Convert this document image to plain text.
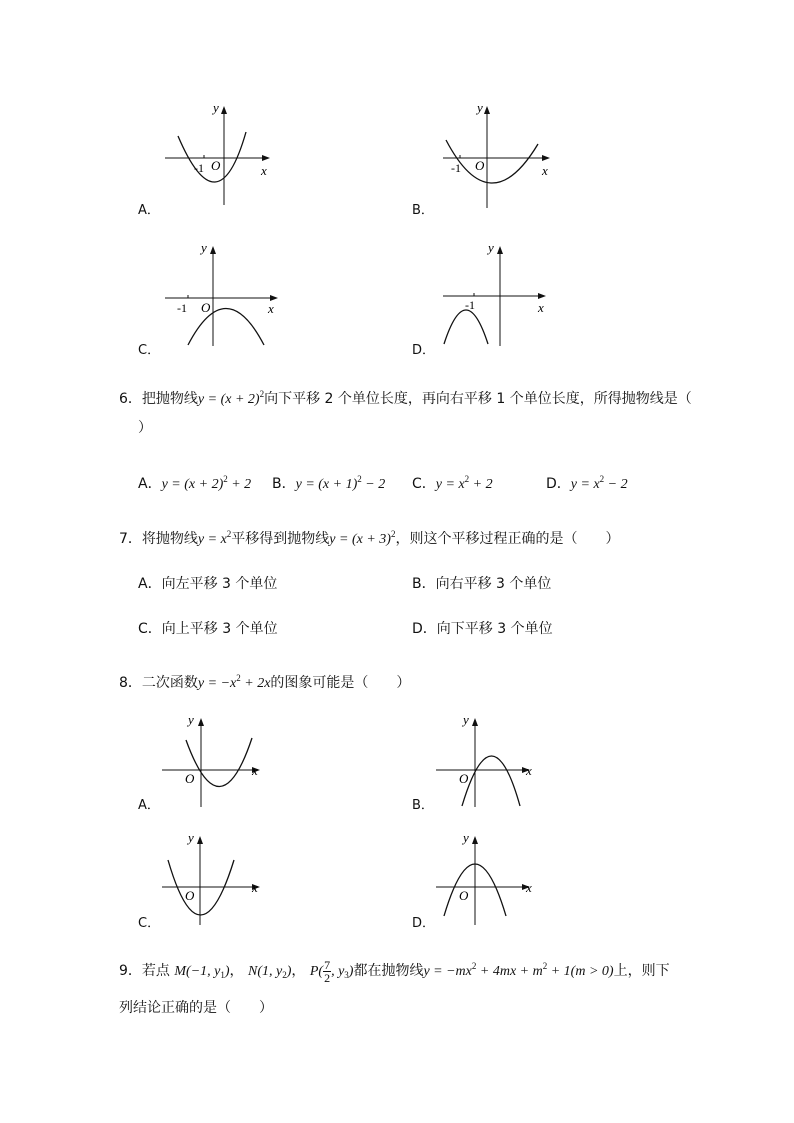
y
x
-1 O
A．
y
x
-1 O
B．
y
x
-1 O
C．
y
x
-1
D．
6．把抛物线$y = (x + 2)^2$向下平移 2 个单位长度，再向右平移 1 个单位长度，所得抛物线是（
）
A．$y = (x + 2)^2 + 2$ B．$y = (x + 1)^2 - 2$ C．$y = x^2 + 2$	D．$y = x^2 - 2$
7．将抛物线$y = x^2$平移得到抛物线$y = (x + 3)^2$，则这个平移过程正确的是（　　）
A．向左平移 3 个单位	B．向右平移 3 个单位
C．向上平移 3 个单位	D．向下平移 3 个单位
8．二次函数$y = -x^2 + 2x$的图象可能是（　　）
y
x
O
A．
y
x
O
B．
y
x
O
C．
y
x
O
D．
9．若点 M(−1, $y_1$)， N(1, $y_2$)， $P( \frac{7}{2}$ , $y_3$)都在抛物线$y = -mx^2 + 4mx + m^2 + 1(m > 0)$上，则下
列结论正确的是（　　）
